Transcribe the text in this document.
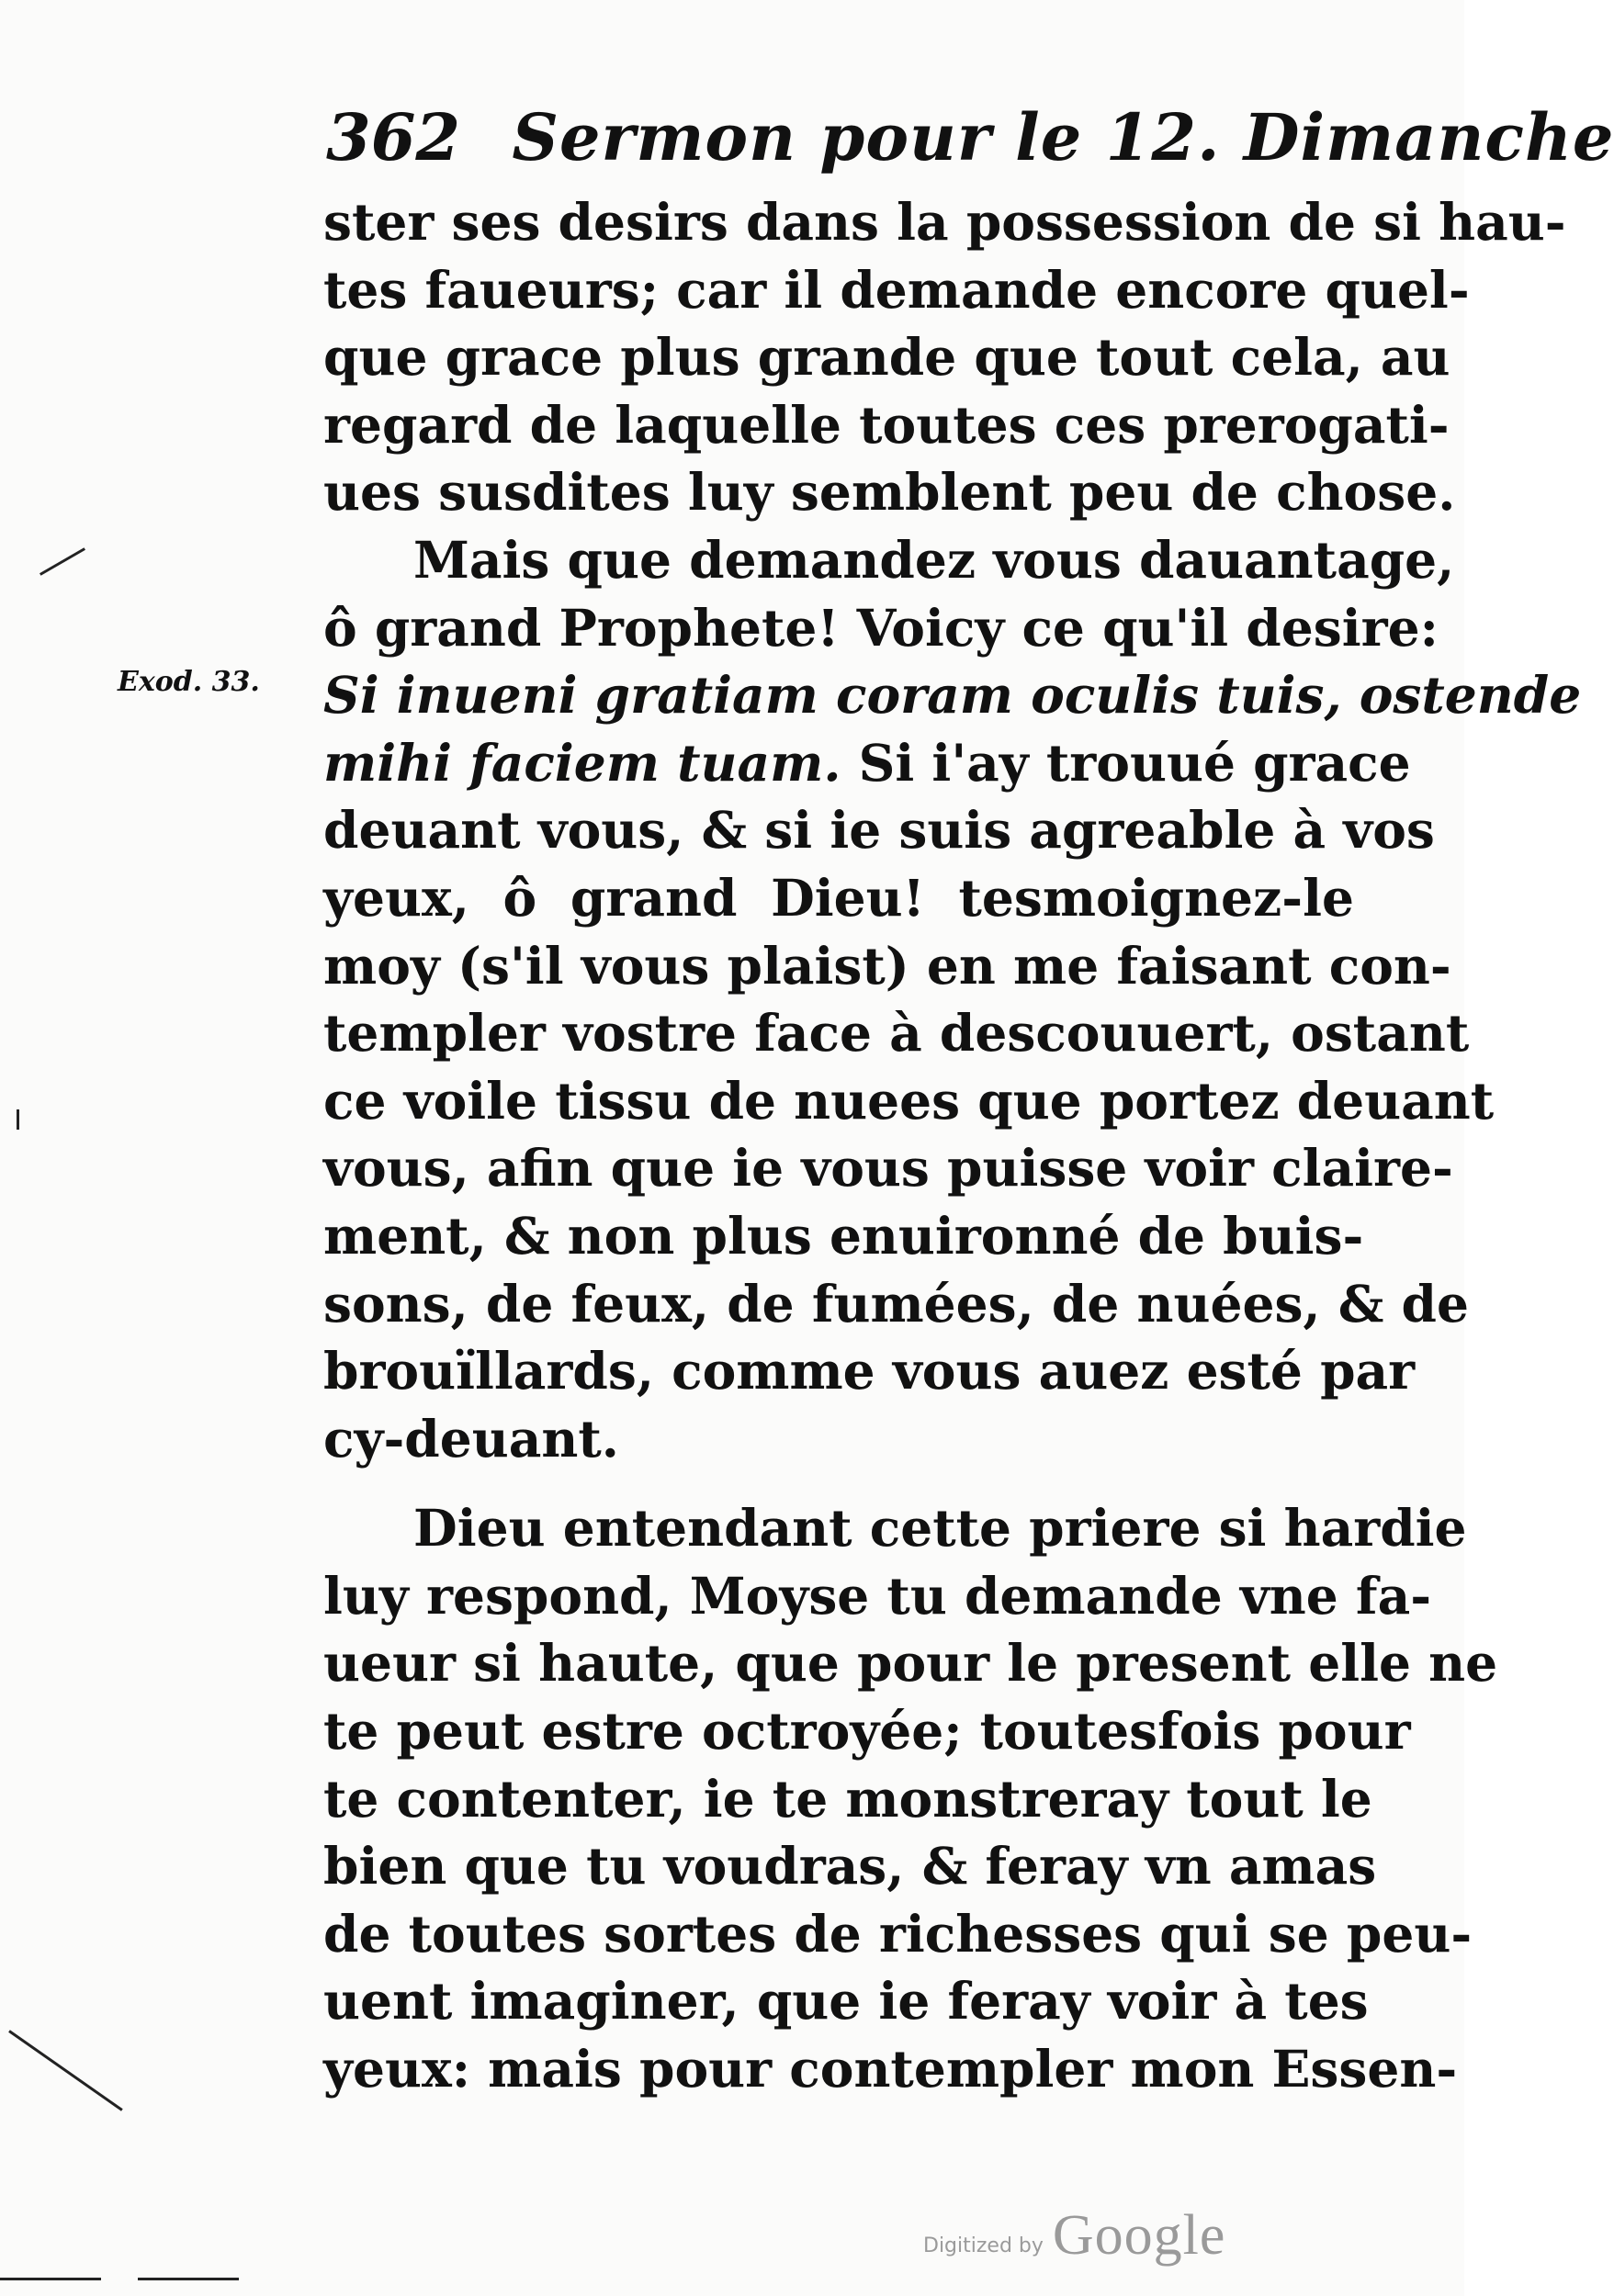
362 Sermon pour le 12. Dimanche
Exod. 33.
ster ses desirs dans la possession de si hau-
tes faueurs; car il demande encore quel-
que grace plus grande que tout cela, au
regard de laquelle toutes ces prerogati-
ues susdites luy semblent peu de chose.
Mais que demandez vous dauantage,
ô grand Prophete! Voicy ce qu'il desire:
Si inueni gratiam coram oculis tuis, ostende
mihi faciem tuam. Si i'ay trouué grace
deuant vous, & si ie suis agreable à vos
yeux, ô grand Dieu! tesmoignez-le
moy (s'il vous plaist) en me faisant con-
templer vostre face à descouuert, ostant
ce voile tissu de nuees que portez deuant
vous, afin que ie vous puisse voir claire-
ment, & non plus enuironné de buis-
sons, de feux, de fumées, de nuées, & de
brouïllards, comme vous auez esté par
cy-deuant.
Dieu entendant cette priere si hardie
luy respond, Moyse tu demande vne fa-
ueur si haute, que pour le present elle ne
te peut estre octroyée; toutesfois pour
te contenter, ie te monstreray tout le
bien que tu voudras, & feray vn amas
de toutes sortes de richesses qui se peu-
uent imaginer, que ie feray voir à tes
yeux: mais pour contempler mon Essen-
Digitized by Google
